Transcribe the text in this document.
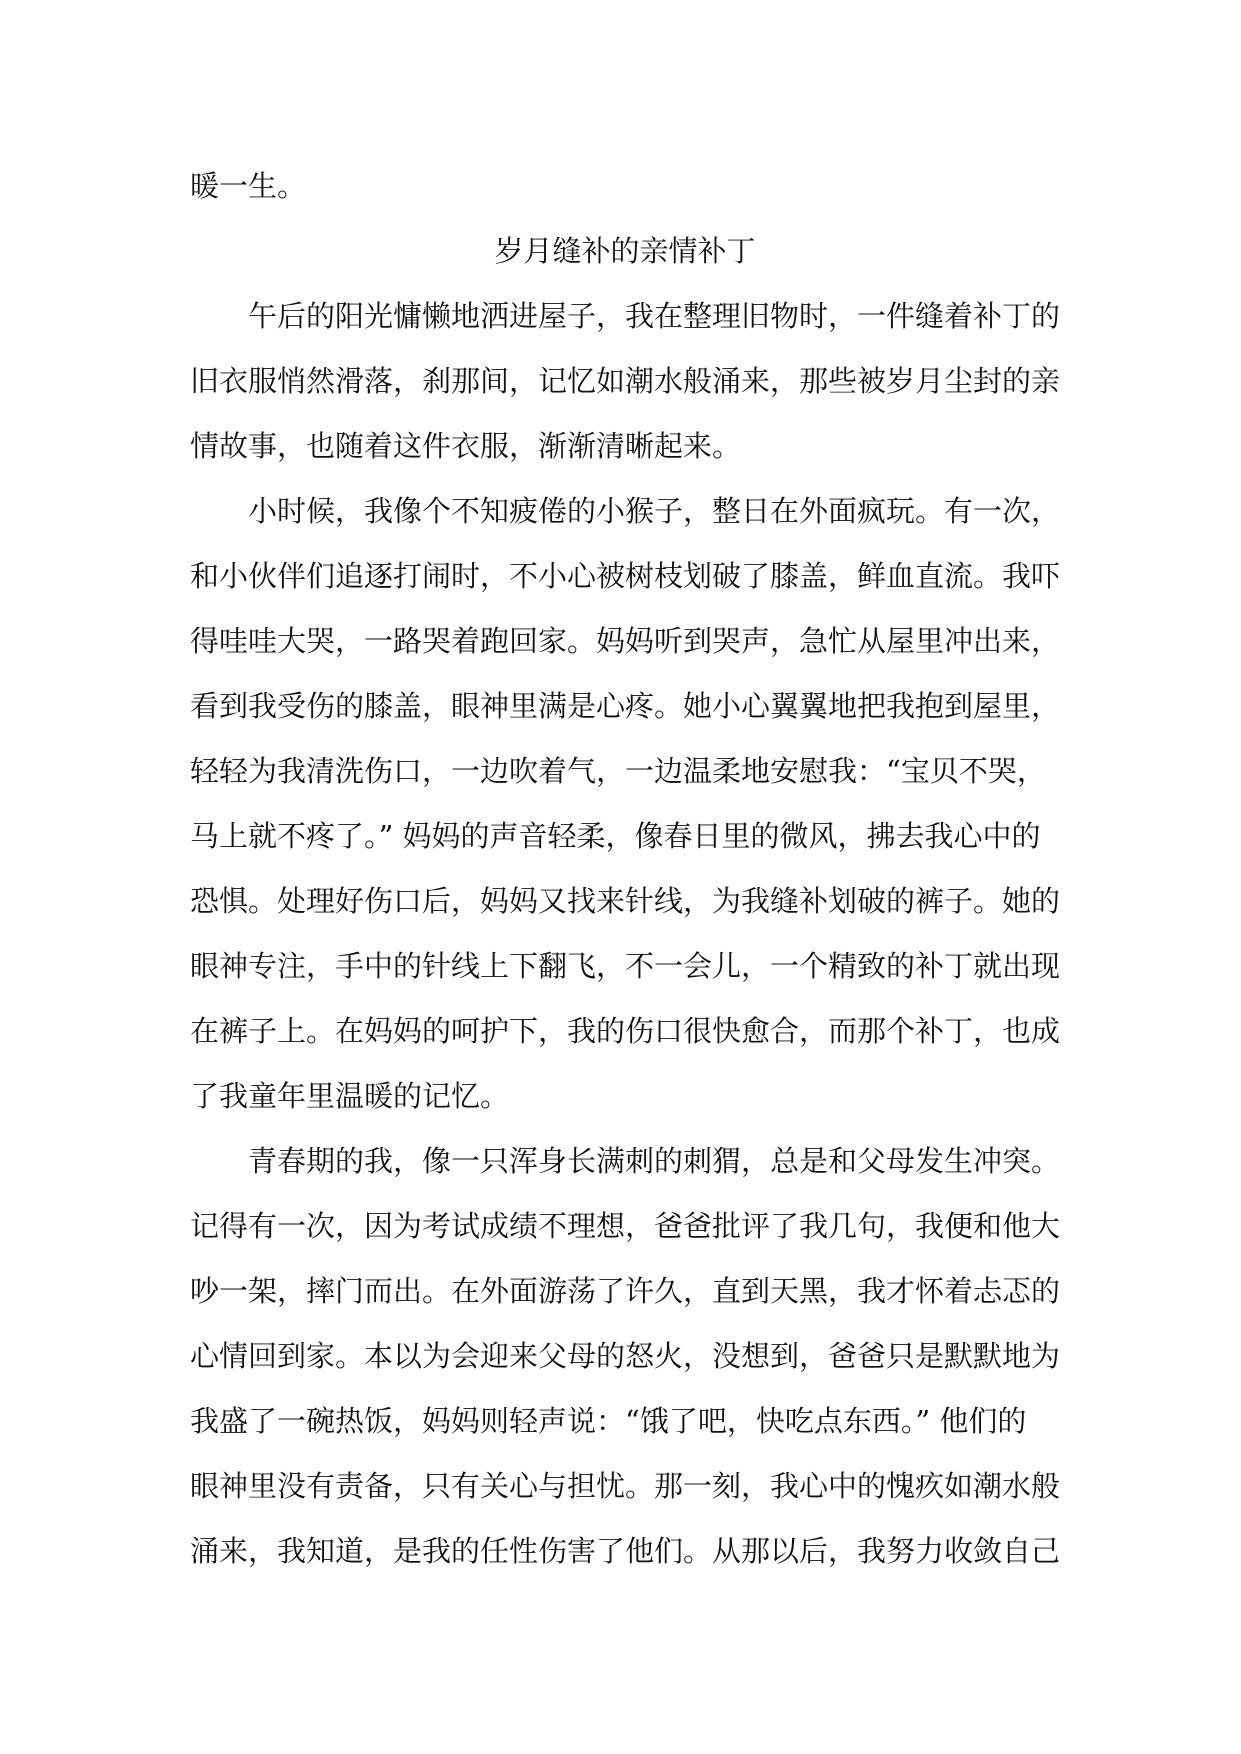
暖一生。
岁月缝补的亲情补丁
午后的阳光慵懒地洒进屋子，我在整理旧物时，一件缝着补丁的
旧衣服悄然滑落，刹那间，记忆如潮水般涌来，那些被岁月尘封的亲
情故事，也随着这件衣服，渐渐清晰起来。
小时候，我像个不知疲倦的小猴子，整日在外面疯玩。有一次，
和小伙伴们追逐打闹时，不小心被树枝划破了膝盖，鲜血直流。我吓
得哇哇大哭，一路哭着跑回家。妈妈听到哭声，急忙从屋里冲出来，
看到我受伤的膝盖，眼神里满是心疼。她小心翼翼地把我抱到屋里，
轻轻为我清洗伤口，一边吹着气，一边温柔地安慰我：“宝贝不哭，
马上就不疼了。” 妈妈的声音轻柔，像春日里的微风，拂去我心中的
恐惧。处理好伤口后，妈妈又找来针线，为我缝补划破的裤子。她的
眼神专注，手中的针线上下翻飞，不一会儿，一个精致的补丁就出现
在裤子上。在妈妈的呵护下，我的伤口很快愈合，而那个补丁，也成
了我童年里温暖的记忆。
青春期的我，像一只浑身长满刺的刺猬，总是和父母发生冲突。
记得有一次，因为考试成绩不理想，爸爸批评了我几句，我便和他大
吵一架，摔门而出。在外面游荡了许久，直到天黑，我才怀着忐忑的
心情回到家。本以为会迎来父母的怒火，没想到，爸爸只是默默地为
我盛了一碗热饭，妈妈则轻声说：“饿了吧，快吃点东西。” 他们的
眼神里没有责备，只有关心与担忧。那一刻，我心中的愧疚如潮水般
涌来，我知道，是我的任性伤害了他们。从那以后，我努力收敛自己
